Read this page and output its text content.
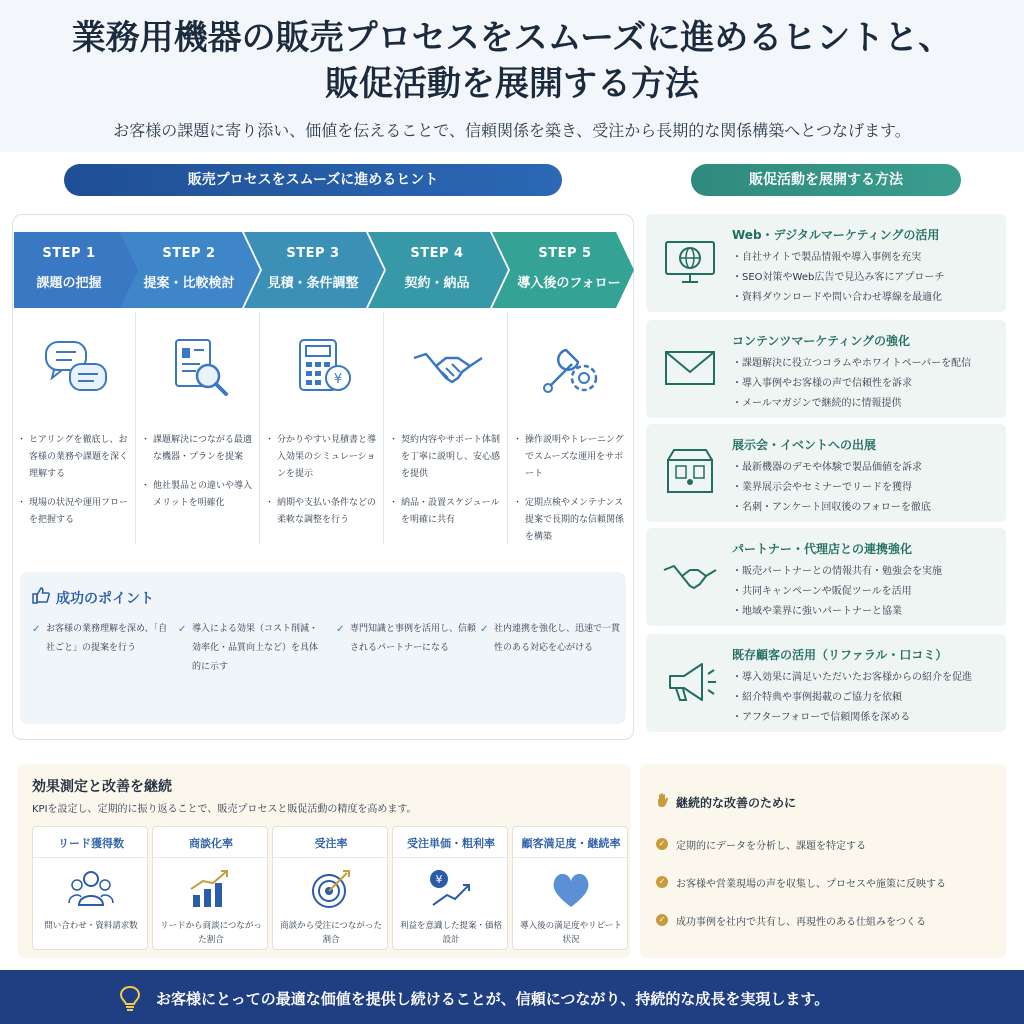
業務用機器の販売プロセスをスムーズに進めるヒントと、
販促活動を展開する方法
お客様の課題に寄り添い、価値を伝えることで、信頼関係を築き、受注から長期的な関係構築へとつなげます。
販売プロセスをスムーズに進めるヒント	販促活動を展開する方法
STEP 1
課題の把握
STEP 2
提案・比較検討
STEP 3
見積・条件調整
STEP 4
契約・納品
STEP 5
導入後のフォロー
・ ヒアリングを徹底し、お客様の業務や課題を深く理解する
・ 現場の状況や運用フローを把握する
・ 課題解決につながる最適な機器・プランを提案
・ 他社製品との違いや導入メリットを明確化
¥
・ 分かりやすい見積書と導入効果のシミュレーションを提示
・ 納期や支払い条件などの柔軟な調整を行う
・ 契約内容やサポート体制を丁寧に説明し、安心感を提供
・ 納品・設置スケジュールを明確に共有
・ 操作説明やトレーニングでスムーズな運用をサポート
・ 定期点検やメンテナンス提案で長期的な信頼関係を構築
成功のポイント
✓ お客様の業務理解を深め、「自社ごと」の提案を行う
✓ 導入による効果（コスト削減・効率化・品質向上など）を具体的に示す
✓ 専門知識と事例を活用し、信頼されるパートナーになる
✓ 社内連携を強化し、迅速で一貫性のある対応を心がける
Web・デジタルマーケティングの活用
・自社サイトで製品情報や導入事例を充実
・SEO対策やWeb広告で見込み客にアプローチ
・資料ダウンロードや問い合わせ導線を最適化
コンテンツマーケティングの強化
・課題解決に役立つコラムやホワイトペーパーを配信
・導入事例やお客様の声で信頼性を訴求
・メールマガジンで継続的に情報提供
展示会・イベントへの出展
・最新機器のデモや体験で製品価値を訴求
・業界展示会やセミナーでリードを獲得
・名刺・アンケート回収後のフォローを徹底
パートナー・代理店との連携強化
・販売パートナーとの情報共有・勉強会を実施
・共同キャンペーンや販促ツールを活用
・地域や業界に強いパートナーと協業
既存顧客の活用（リファラル・口コミ）
・導入効果に満足いただいたお客様からの紹介を促進
・紹介特典や事例掲載のご協力を依頼
・アフターフォローで信頼関係を深める
効果測定と改善を継続
KPIを設定し、定期的に振り返ることで、販売プロセスと販促活動の精度を高めます。
リード獲得数
問い合わせ・資料請求数
商談化率
リードから商談につながった割合
受注率
商談から受注につながった割合
受注単価・粗利率
¥
利益を意識した提案・価格設計
顧客満足度・継続率
導入後の満足度やリピート状況
継続的な改善のために
✓ 定期的にデータを分析し、課題を特定する
✓ お客様や営業現場の声を収集し、プロセスや施策に反映する
✓ 成功事例を社内で共有し、再現性のある仕組みをつくる
お客様にとっての最適な価値を提供し続けることが、信頼につながり、持続的な成長を実現します。
